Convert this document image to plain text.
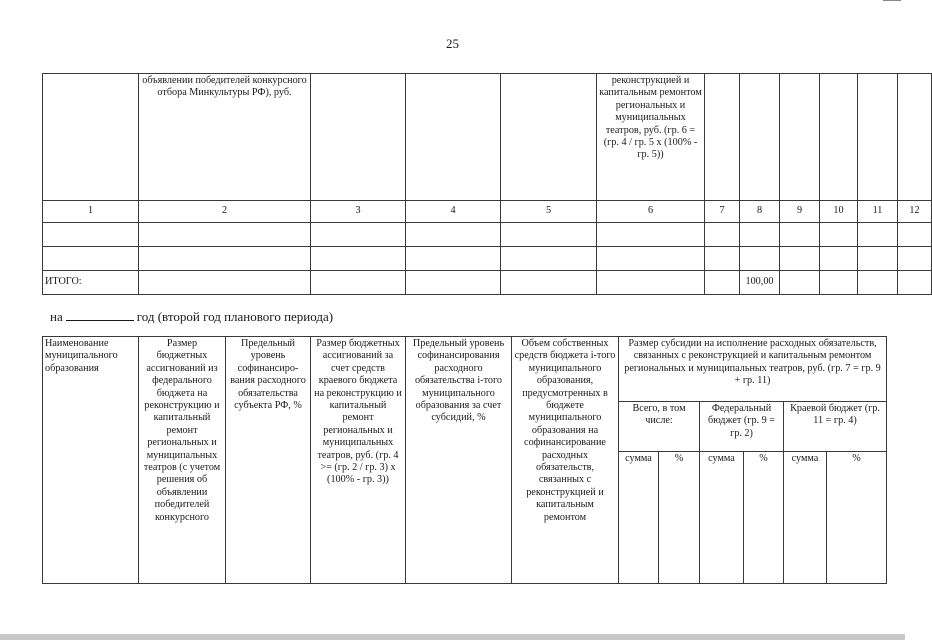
25
	объявлении победителей конкурсного отбора Минкультуры РФ), руб.				реконструкцией и капитальным ремонтом региональных и муниципальных театров, руб. (гр. 6 = (гр. 4 / гр. 5 х (100% - гр. 5))						
1	2	3	4	5	6	7	8	9	10	11	12

ИТОГО:							100,00				
на	год (второй год планового периода)
Наименование муниципального образования	Размер бюджетных ассигнований из федерального бюджета на реконструкцию и капитальный ремонт региональных и муниципальных театров (с учетом решения об объявлении победителей конкурсного	Предельный уровень софинансиро-вания расходного обязательства субъекта РФ, %	Размер бюджетных ассигнований за счет средств краевого бюджета на реконструкцию и капитальный ремонт региональных и муниципальных театров, руб. (гр. 4 >= (гр. 2 / гр. 3) х (100% - гр. 3))	Предельный уровень софинансирования расходного обязательства i-того муниципального образования за счет субсидий, %	Объем собственных средств бюджета i-того муниципального образования, предусмотренных в бюджете муниципального образования на софинансирование расходных обязательств, связанных с реконструкцией и капитальным ремонтом	Размер субсидии на исполнение расходных обязательств, связанных с реконструкцией и капитальным ремонтом региональных и муниципальных театров, руб. (гр. 7 = гр. 9 + гр. 11)					
						Всего, в том числе:		Федеральный бюджет (гр. 9 = гр. 2)		Краевой бюджет (гр. 11 = гр. 4)	
						сумма	%	сумма	%	сумма	%
